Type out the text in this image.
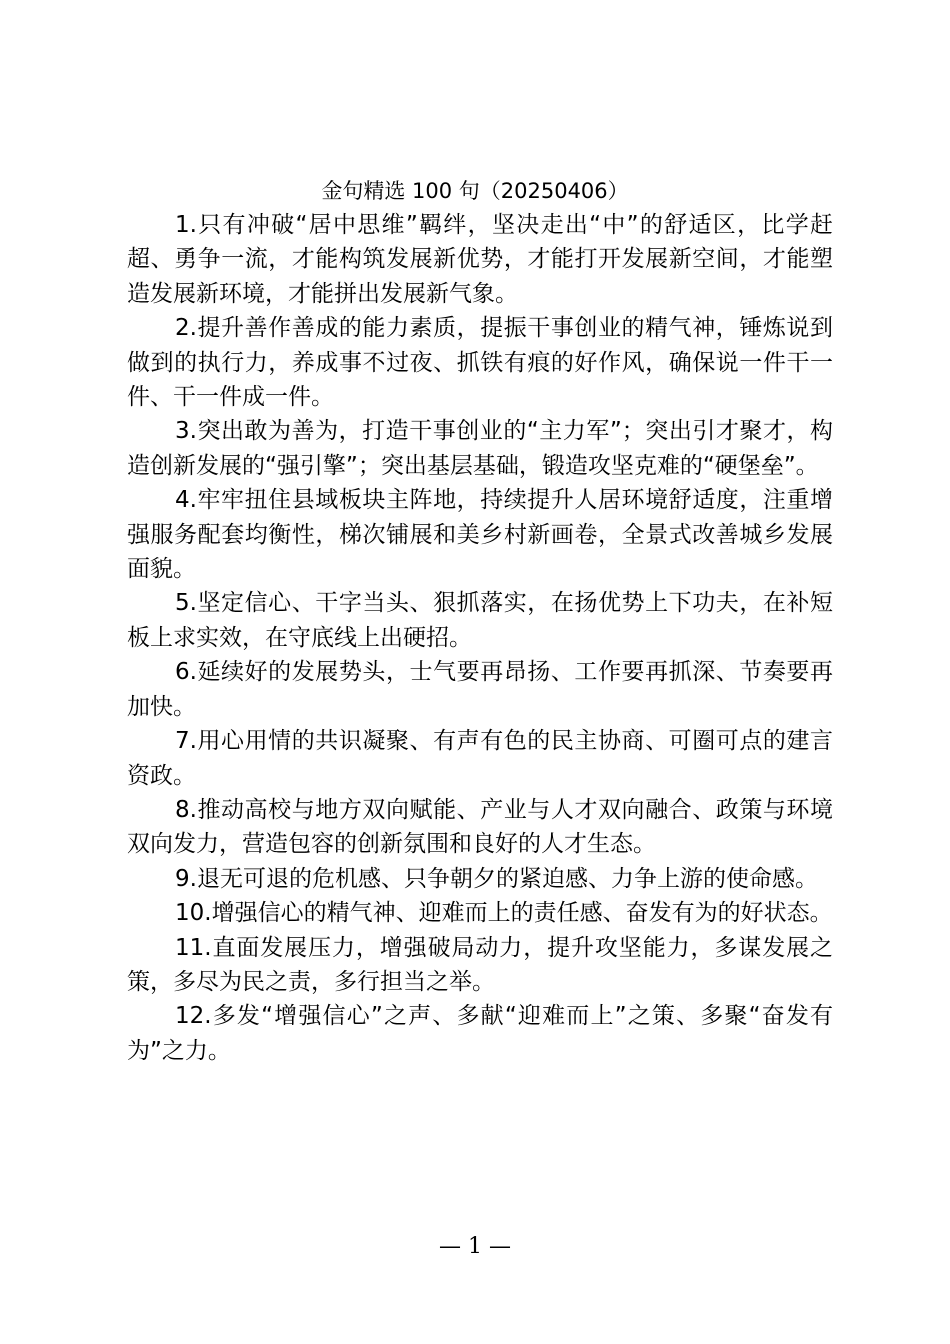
金句精选 100 句（20250406）

1.只有冲破“居中思维”羁绊，坚决走出“中”的舒适区，比学赶超、勇争一流，才能构筑发展新优势，才能打开发展新空间，才能塑造发展新环境，才能拼出发展新气象。

2.提升善作善成的能力素质，提振干事创业的精气神，锤炼说到做到的执行力，养成事不过夜、抓铁有痕的好作风，确保说一件干一件、干一件成一件。

3.突出敢为善为，打造干事创业的“主力军”；突出引才聚才，构造创新发展的“强引擎”；突出基层基础，锻造攻坚克难的“硬堡垒”。

4.牢牢扭住县域板块主阵地，持续提升人居环境舒适度，注重增强服务配套均衡性，梯次铺展和美乡村新画卷，全景式改善城乡发展面貌。

5.坚定信心、干字当头、狠抓落实，在扬优势上下功夫，在补短板上求实效，在守底线上出硬招。

6.延续好的发展势头，士气要再昂扬、工作要再抓深、节奏要再加快。

7.用心用情的共识凝聚、有声有色的民主协商、可圈可点的建言资政。

8.推动高校与地方双向赋能、产业与人才双向融合、政策与环境双向发力，营造包容的创新氛围和良好的人才生态。

9.退无可退的危机感、只争朝夕的紧迫感、力争上游的使命感。

10.增强信心的精气神、迎难而上的责任感、奋发有为的好状态。

11.直面发展压力，增强破局动力，提升攻坚能力，多谋发展之策，多尽为民之责，多行担当之举。

12.多发“增强信心”之声、多献“迎难而上”之策、多聚“奋发有为”之力。

— 1 —
